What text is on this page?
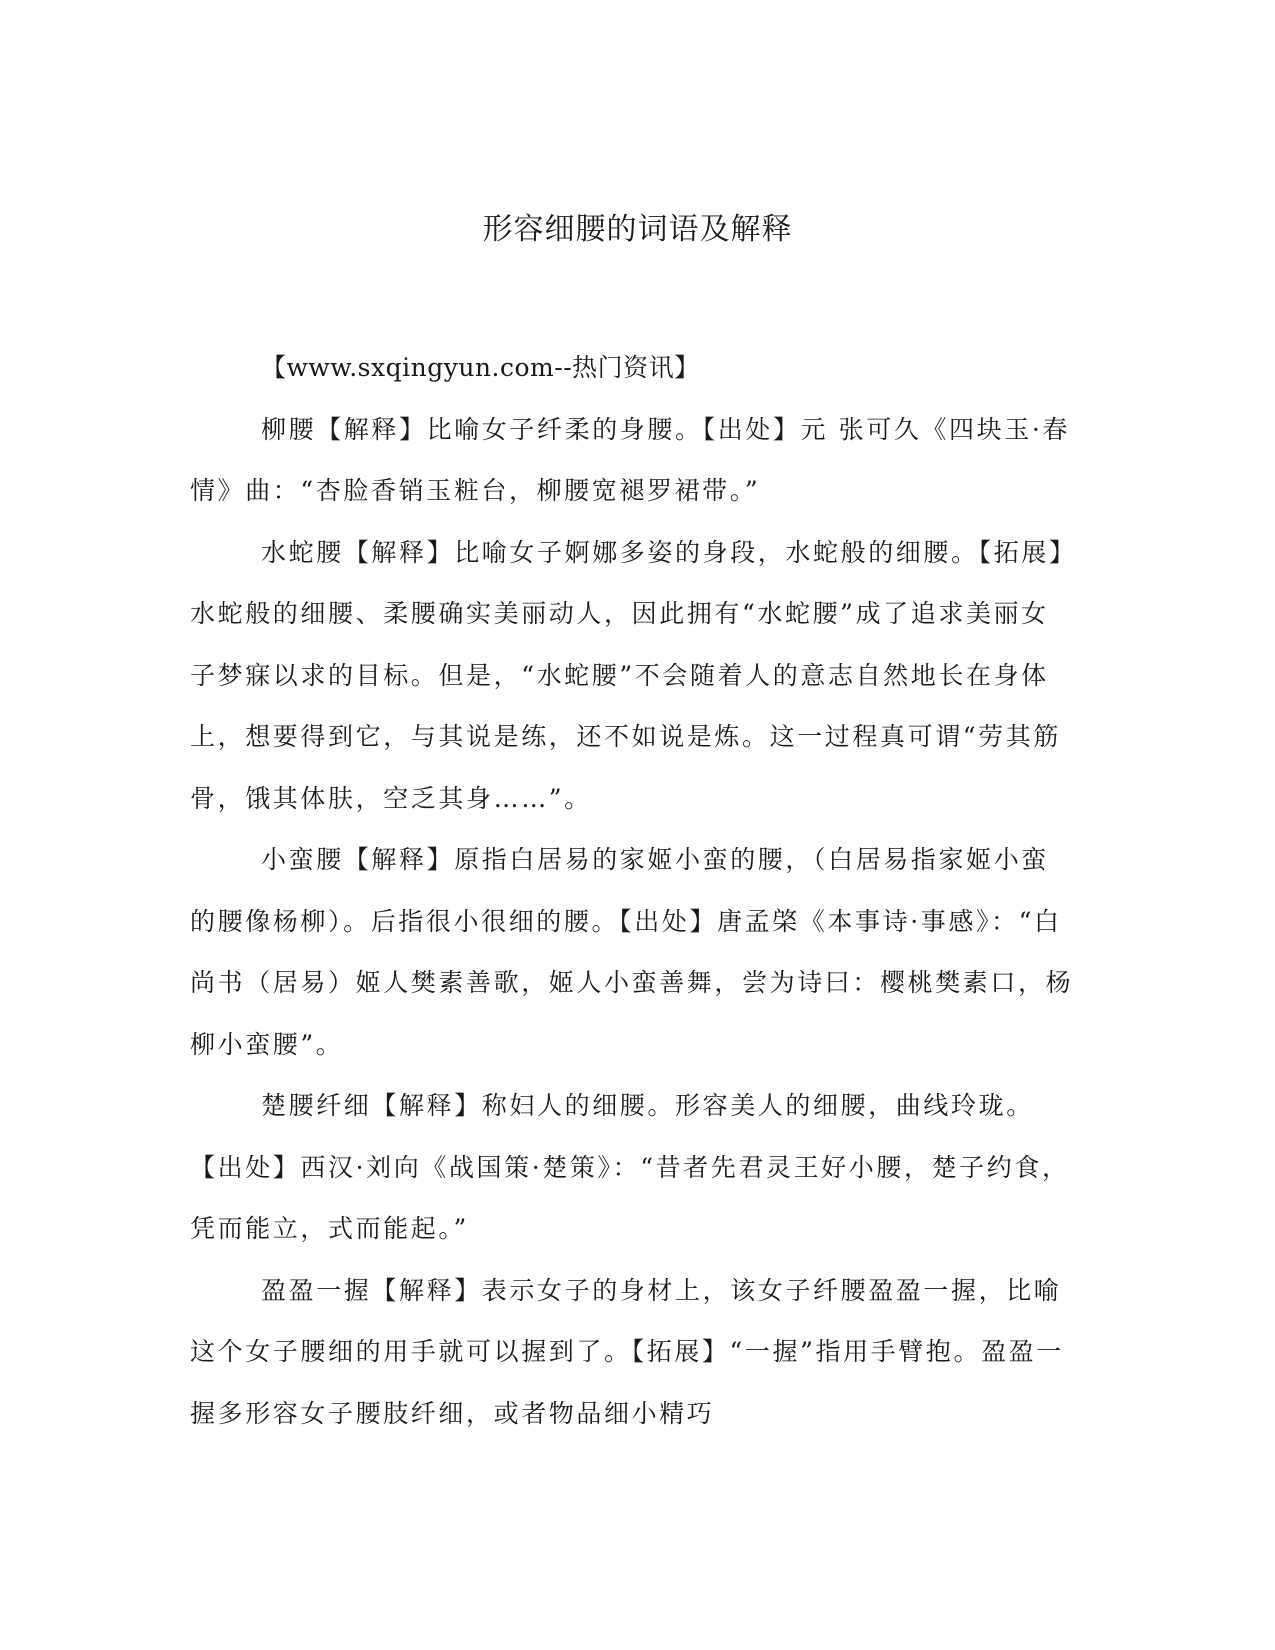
形容细腰的词语及解释

【www.sxqingyun.com--热门资讯】

柳腰【解释】比喻女子纤柔的身腰。【出处】元 张可久《四块玉·春情》曲：“杏脸香销玉粧台，柳腰宽褪罗裙带。”

水蛇腰【解释】比喻女子婀娜多姿的身段，水蛇般的细腰。【拓展】水蛇般的细腰、柔腰确实美丽动人，因此拥有“水蛇腰”成了追求美丽女子梦寐以求的目标。但是，“水蛇腰”不会随着人的意志自然地长在身体上，想要得到它，与其说是练，还不如说是炼。这一过程真可谓“劳其筋骨，饿其体肤，空乏其身……”。

小蛮腰【解释】原指白居易的家姬小蛮的腰，（白居易指家姬小蛮的腰像杨柳）。后指很小很细的腰。【出处】唐孟棨《本事诗·事感》：“白尚书（居易）姬人樊素善歌，姬人小蛮善舞，尝为诗曰：樱桃樊素口，杨柳小蛮腰”。

楚腰纤细【解释】称妇人的细腰。形容美人的细腰，曲线玲珑。【出处】西汉·刘向《战国策·楚策》：“昔者先君灵王好小腰，楚子约食，凭而能立，式而能起。”

盈盈一握【解释】表示女子的身材上，该女子纤腰盈盈一握，比喻这个女子腰细的用手就可以握到了。【拓展】“一握”指用手臂抱。盈盈一握多形容女子腰肢纤细，或者物品细小精巧
